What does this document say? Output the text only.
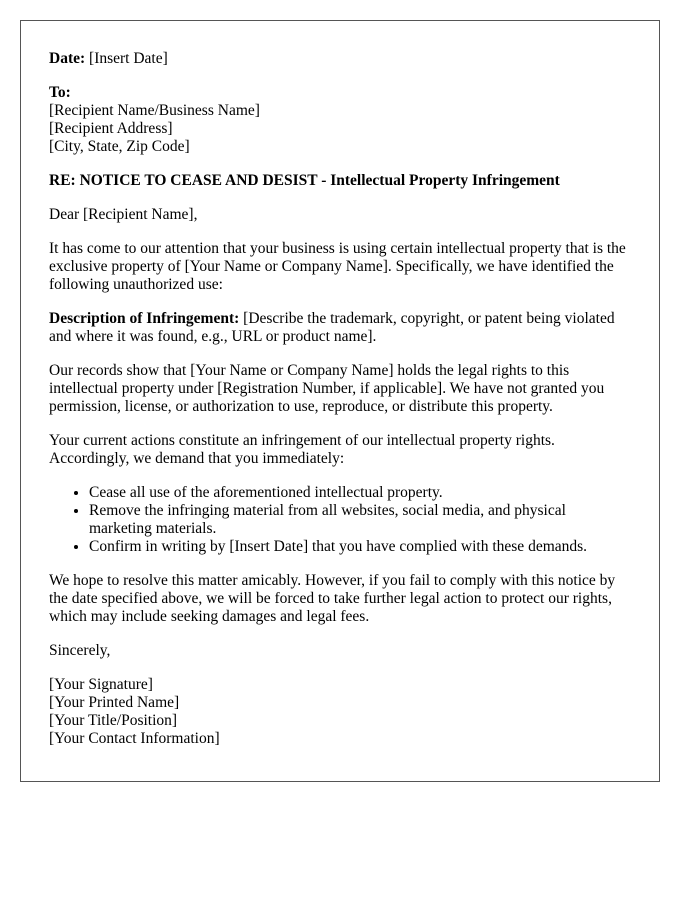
Date: [Insert Date]

To:
[Recipient Name/Business Name]
[Recipient Address]
[City, State, Zip Code]

RE: NOTICE TO CEASE AND DESIST - Intellectual Property Infringement

Dear [Recipient Name],

It has come to our attention that your business is using certain intellectual property that is the exclusive property of [Your Name or Company Name]. Specifically, we have identified the following unauthorized use:

Description of Infringement: [Describe the trademark, copyright, or patent being violated and where it was found, e.g., URL or product name].

Our records show that [Your Name or Company Name] holds the legal rights to this intellectual property under [Registration Number, if applicable]. We have not granted you permission, license, or authorization to use, reproduce, or distribute this property.

Your current actions constitute an infringement of our intellectual property rights. Accordingly, we demand that you immediately:

• Cease all use of the aforementioned intellectual property.
• Remove the infringing material from all websites, social media, and physical marketing materials.
• Confirm in writing by [Insert Date] that you have complied with these demands.

We hope to resolve this matter amicably. However, if you fail to comply with this notice by the date specified above, we will be forced to take further legal action to protect our rights, which may include seeking damages and legal fees.

Sincerely,

[Your Signature]
[Your Printed Name]
[Your Title/Position]
[Your Contact Information]
